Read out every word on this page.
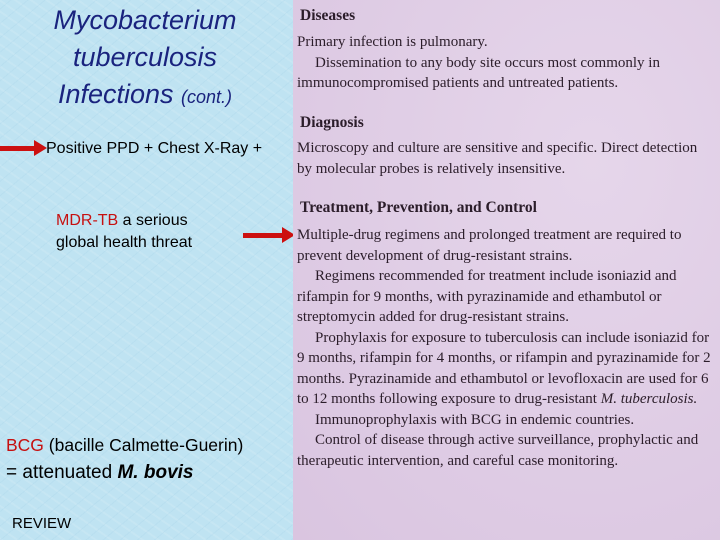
Mycobacterium
tuberculosis
Infections (cont.)
Positive PPD + Chest X-Ray +
MDR-TB a serious
global health threat
BCG (bacille Calmette-Guerin)
= attenuated M. bovis
REVIEW
Diseases

Primary infection is pulmonary.

Dissemination to any body site occurs most commonly in immunocompromised patients and untreated patients.

Diagnosis

Microscopy and culture are sensitive and specific. Direct detection by molecular probes is relatively insensitive.

Treatment, Prevention, and Control

Multiple-drug regimens and prolonged treatment are required to prevent development of drug-resistant strains.

Regimens recommended for treatment include isoniazid and rifampin for 9 months, with pyrazinamide and ethambutol or streptomycin added for drug-resistant strains.

Prophylaxis for exposure to tuberculosis can include isoniazid for 9 months, rifampin for 4 months, or rifampin and pyrazinamide for 2 months. Pyrazinamide and ethambutol or levofloxacin are used for 6 to 12 months following exposure to drug-resistant M. tuberculosis.

Immunoprophylaxis with BCG in endemic countries.

Control of disease through active surveillance, prophylactic and therapeutic intervention, and careful case monitoring.
